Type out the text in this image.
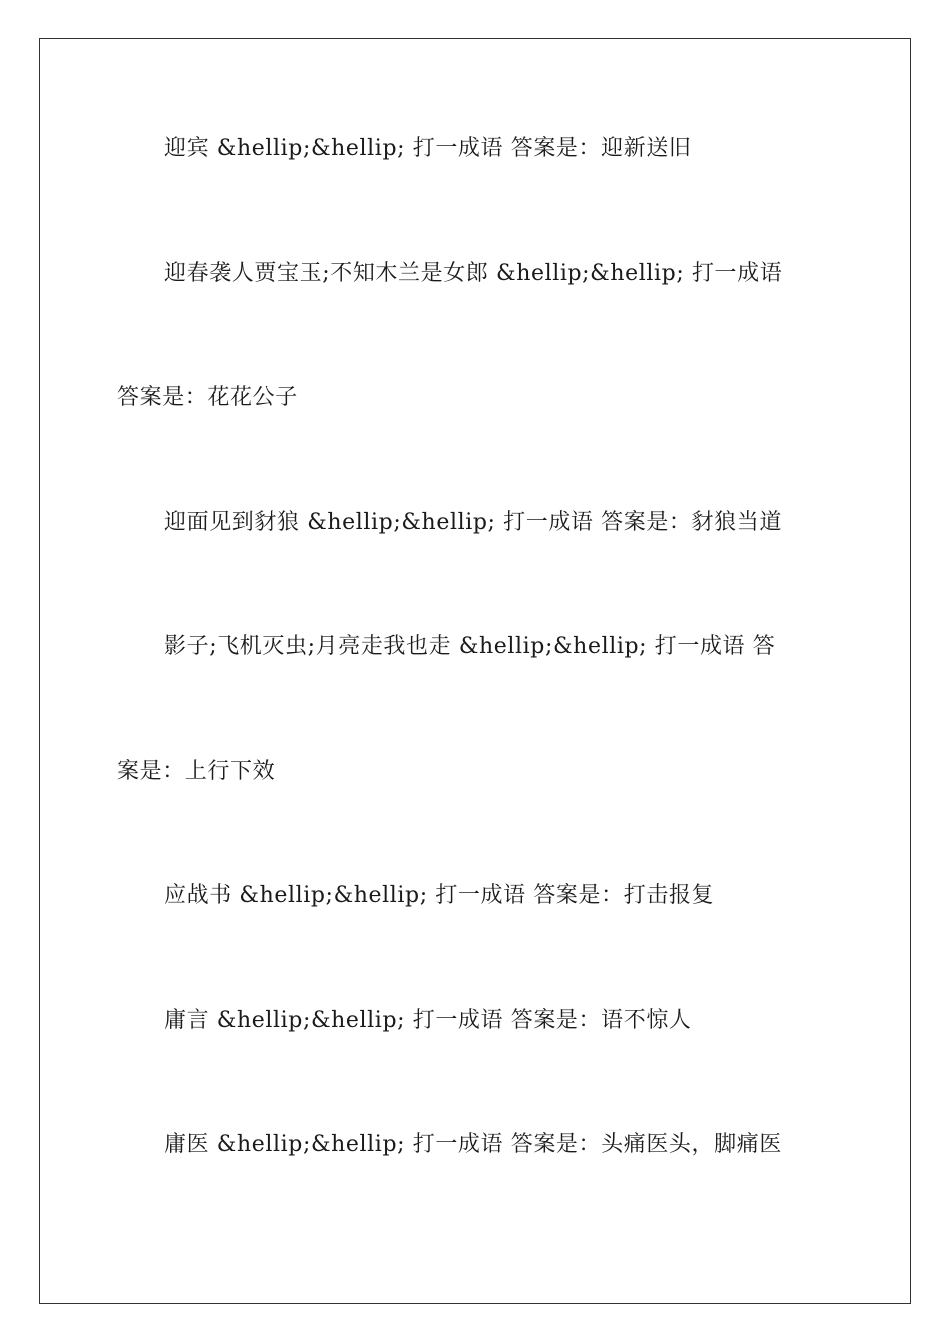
迎宾 &hellip;&hellip; 打一成语 答案是：迎新送旧
迎春袭人贾宝玉;不知木兰是女郎 &hellip;&hellip; 打一成语
答案是：花花公子
迎面见到豺狼 &hellip;&hellip; 打一成语 答案是：豺狼当道
影子;飞机灭虫;月亮走我也走 &hellip;&hellip; 打一成语 答
案是：上行下效
应战书 &hellip;&hellip; 打一成语 答案是：打击报复
庸言 &hellip;&hellip; 打一成语 答案是：语不惊人
庸医 &hellip;&hellip; 打一成语 答案是：头痛医头，脚痛医
